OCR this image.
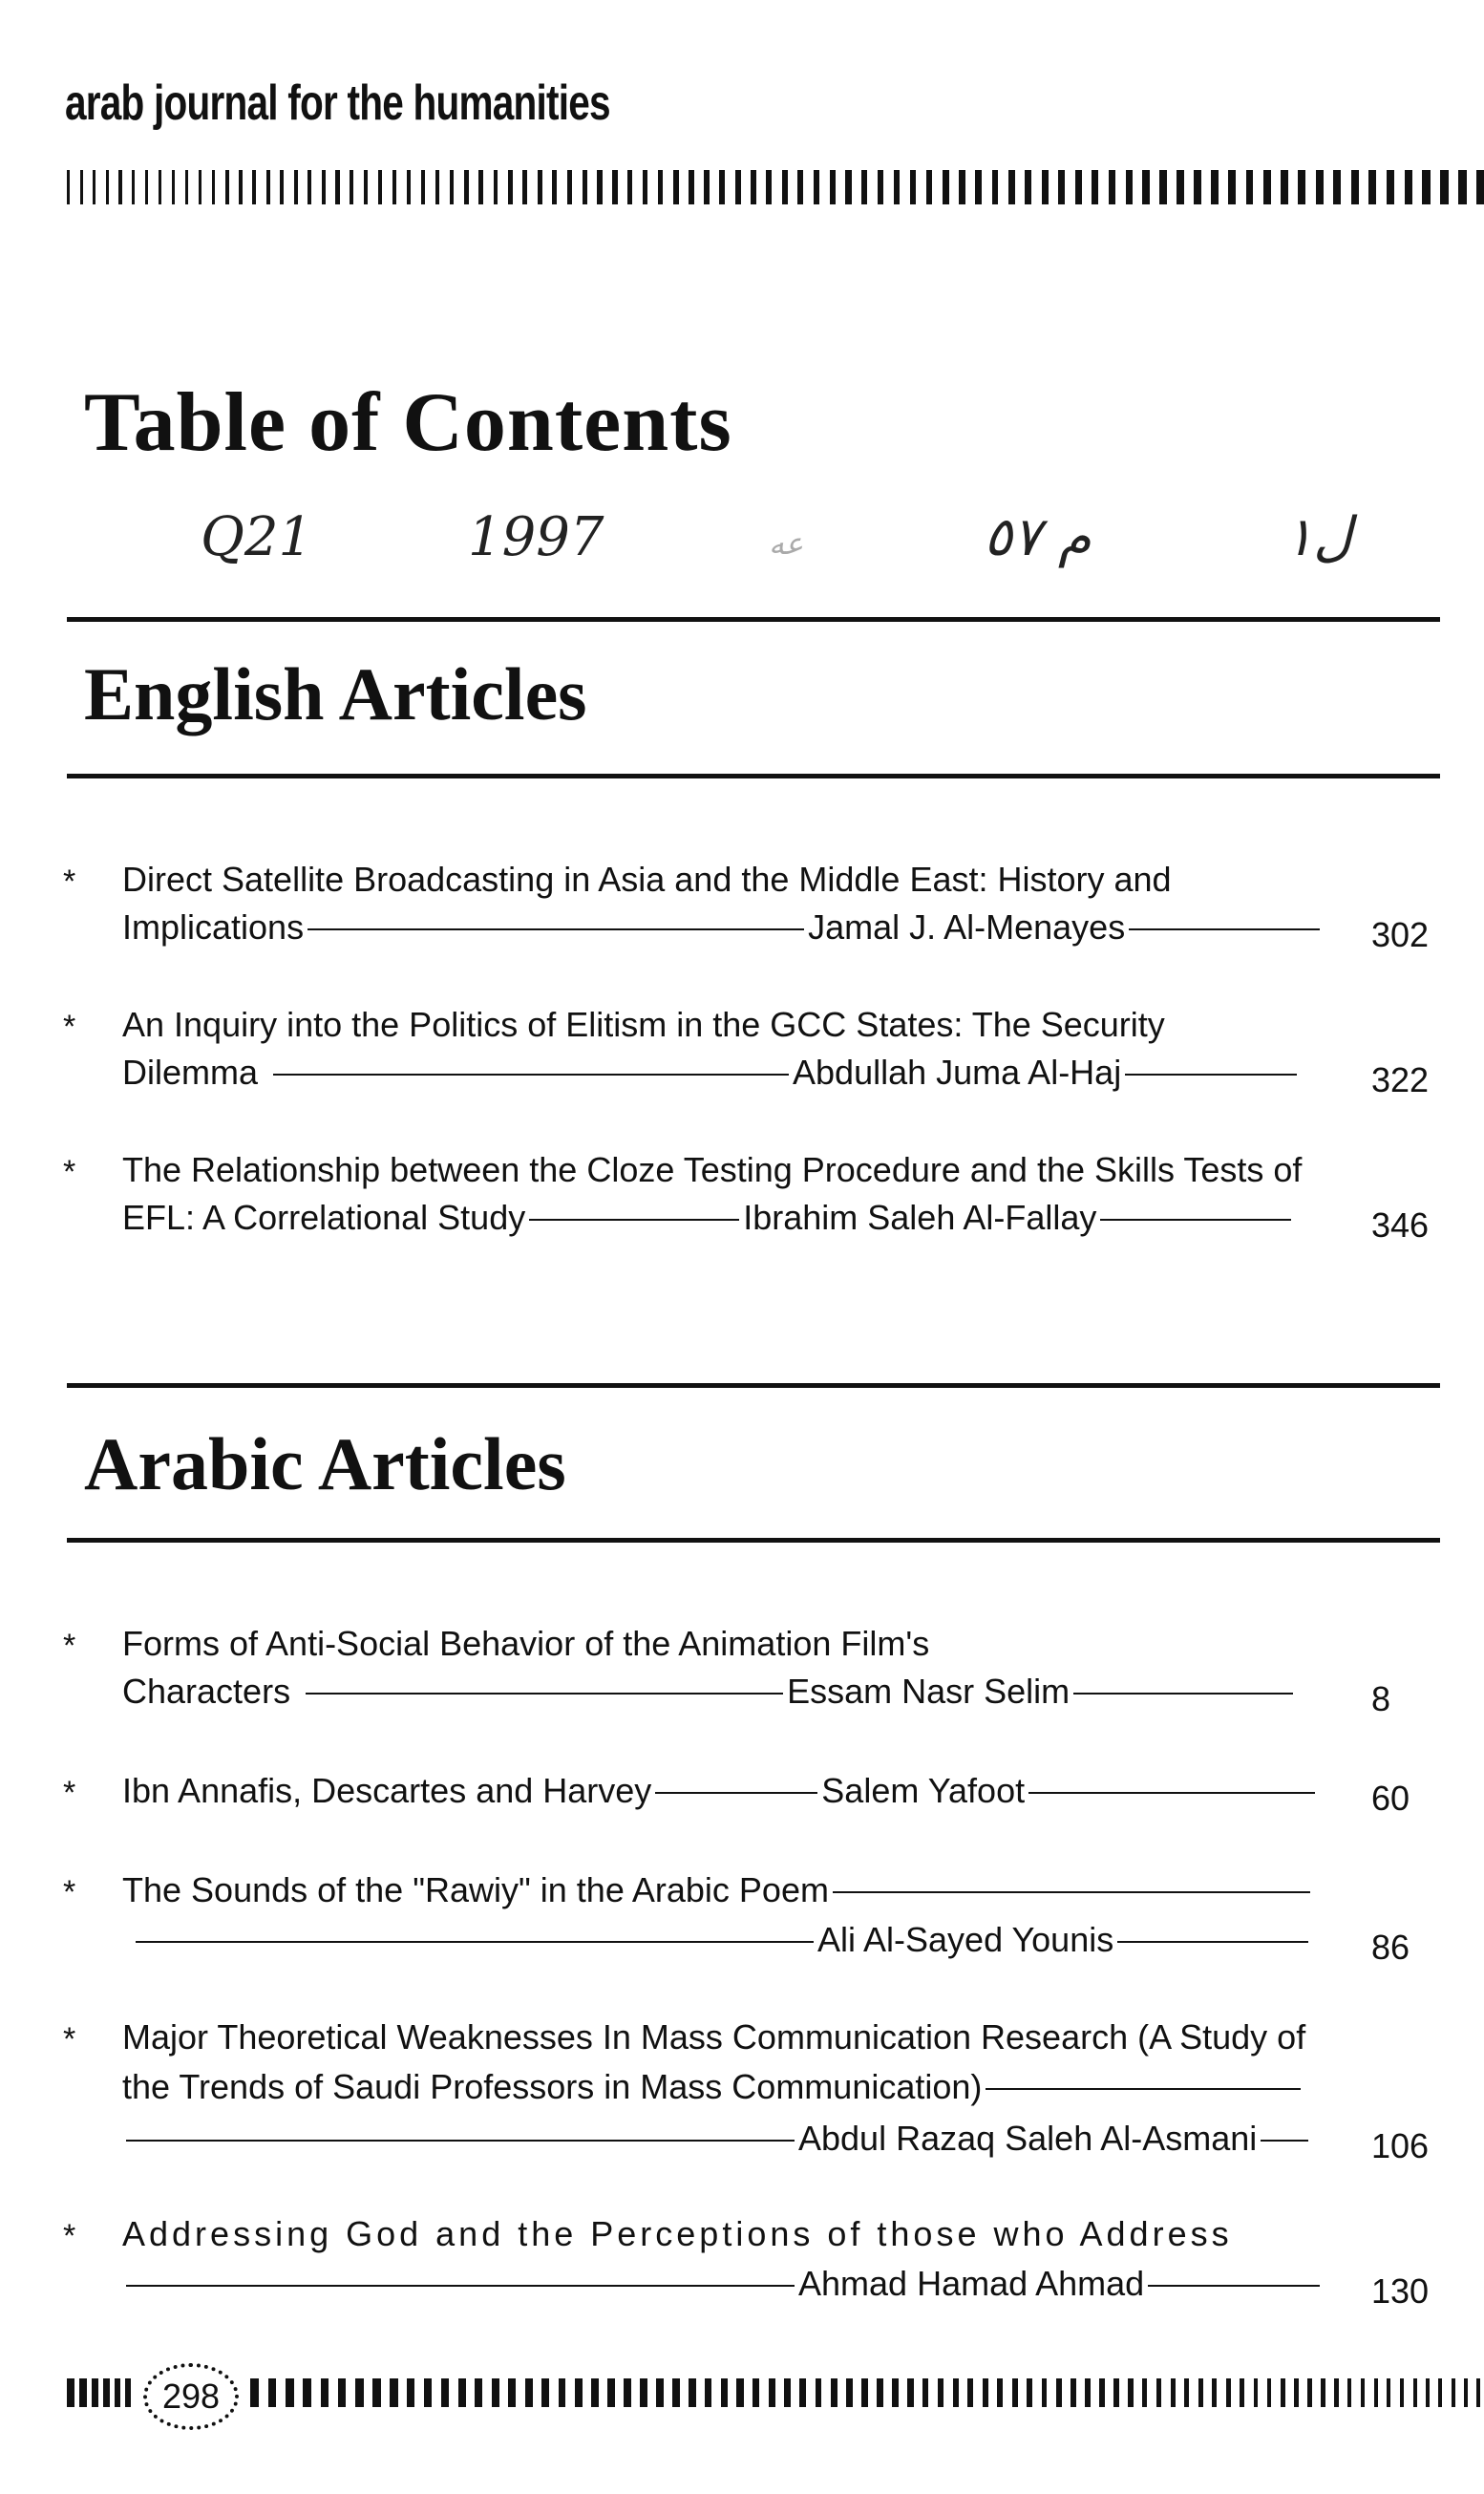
arab journal for the humanities
Table of Contents
Q21	1997	عه	م ٥٧	ل١
English Articles
* Direct Satellite Broadcasting in Asia and the Middle East: History and
Implications	Jamal J. Al-Menayes	302
* An Inquiry into the Politics of Elitism in the GCC States: The Security
Dilemma	Abdullah Juma Al-Haj	322
* The Relationship between the Cloze Testing Procedure and the Skills Tests of
EFL: A Correlational Study	Ibrahim Saleh Al-Fallay	346
Arabic Articles
* Forms of Anti-Social Behavior of the Animation Film's
Characters	Essam Nasr Selim	8
* Ibn Annafis, Descartes and Harvey	Salem Yafoot	60
* The Sounds of the "Rawiy" in the Arabic Poem
Ali Al-Sayed Younis	86
* Major Theoretical Weaknesses In Mass Communication Research (A Study of
the Trends of Saudi Professors in Mass Communication)
Abdul Razaq Saleh Al-Asmani	106
* Addressing God and the Perceptions of those who Address
Ahmad Hamad Ahmad	130
298
